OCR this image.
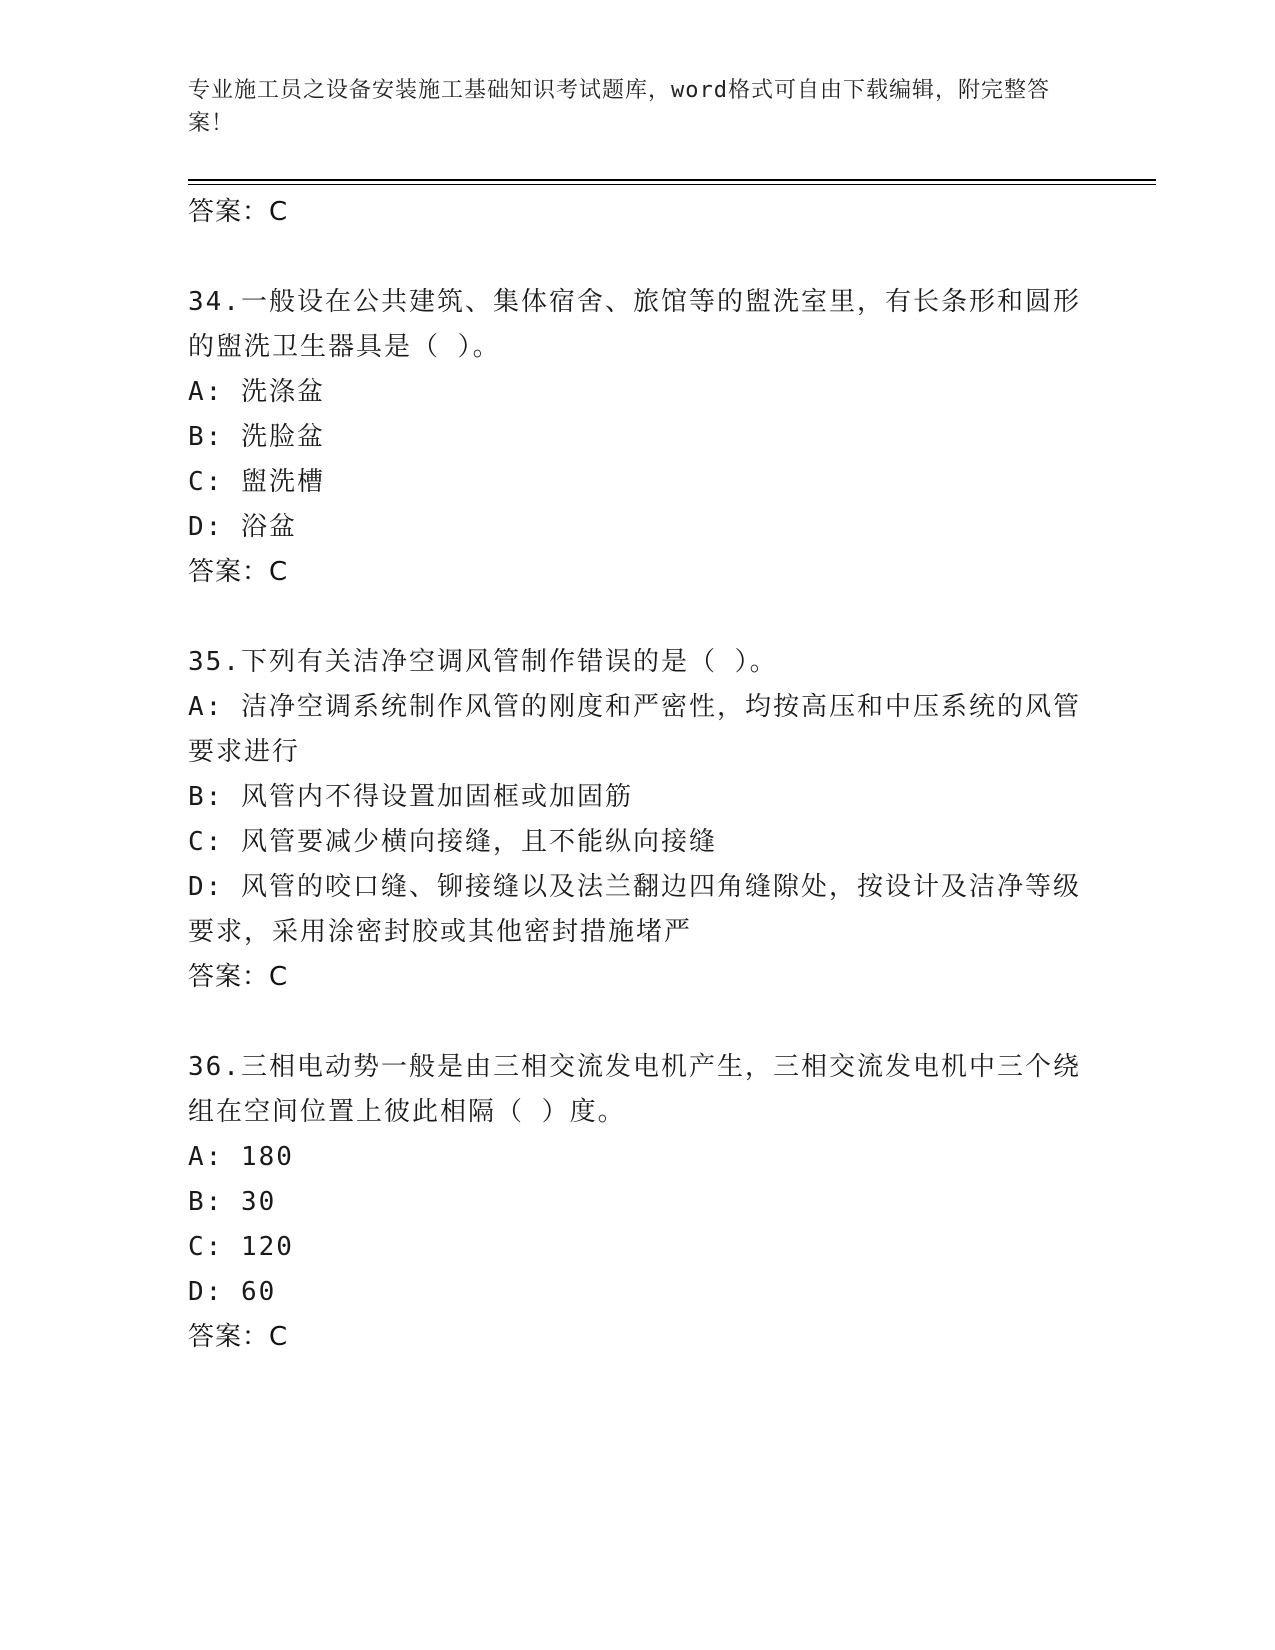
专业施工员之设备安装施工基础知识考试题库，word格式可自由下载编辑，附完整答案！
答案：C
34.一般设在公共建筑、集体宿舍、旅馆等的盥洗室里，有长条形和圆形的盥洗卫生器具是（ ）。
A: 洗涤盆
B: 洗脸盆
C: 盥洗槽
D: 浴盆
答案：C
35.下列有关洁净空调风管制作错误的是（ ）。
A: 洁净空调系统制作风管的刚度和严密性，均按高压和中压系统的风管要求进行
B: 风管内不得设置加固框或加固筋
C: 风管要减少横向接缝，且不能纵向接缝
D: 风管的咬口缝、铆接缝以及法兰翻边四角缝隙处，按设计及洁净等级要求，采用涂密封胶或其他密封措施堵严
答案：C
36.三相电动势一般是由三相交流发电机产生，三相交流发电机中三个绕组在空间位置上彼此相隔（ ）度。
A: 180
B: 30
C: 120
D: 60
答案：C
